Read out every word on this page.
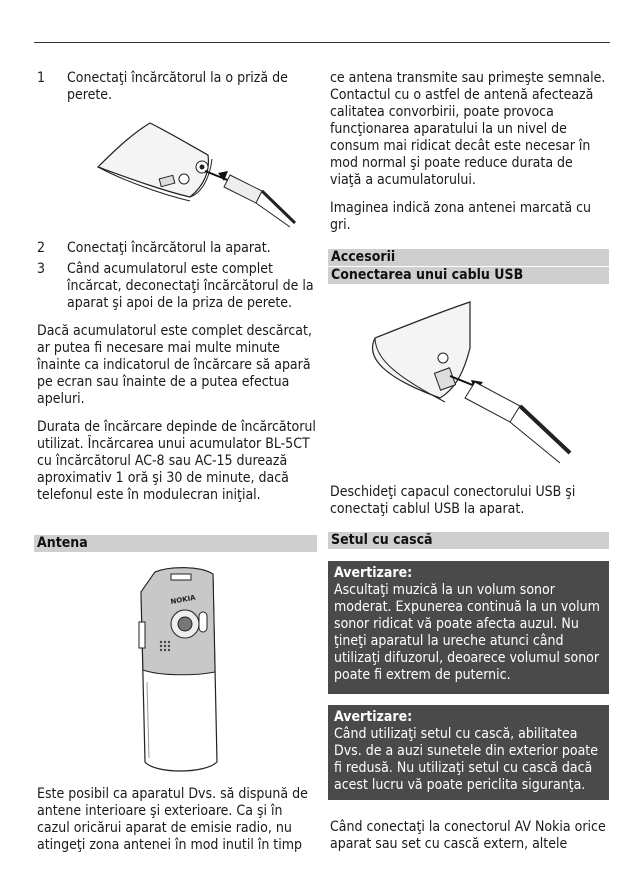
1 Conectaţi încărcătorul la o priză de perete.

2 Conectaţi încărcătorul la aparat.

3 Când acumulatorul este complet încărcat, deconectaţi încărcătorul de la aparat şi apoi de la priza de perete.

Dacă acumulatorul este complet descărcat, ar putea fi necesare mai multe minute înainte ca indicatorul de încărcare să apară pe ecran sau înainte de a putea efectua apeluri.

Durata de încărcare depinde de încărcătorul utilizat. Încărcarea unui acumulator BL-5CT cu încărcătorul AC-8 sau AC-15 durează aproximativ 1 oră şi 30 de minute, dacă telefonul este în modulecran iniţial.

Antena
NOKIA

Este posibil ca aparatul Dvs. să dispună de antene interioare şi exterioare. Ca şi în cazul oricărui aparat de emisie radio, nu atingeţi zona antenei în mod inutil în timp

ce antena transmite sau primeşte semnale. Contactul cu o astfel de antenă afectează calitatea convorbirii, poate provoca funcţionarea aparatului la un nivel de consum mai ridicat decât este necesar în mod normal şi poate reduce durata de viaţă a acumulatorului.

Imaginea indică zona antenei marcată cu gri.

Accesorii
Conectarea unui cablu USB

Deschideţi capacul conectorului USB şi conectaţi cablul USB la aparat.

Setul cu cască
Avertizare:
Ascultaţi muzică la un volum sonor moderat. Expunerea continuă la un volum sonor ridicat vă poate afecta auzul. Nu ţineţi aparatul la ureche atunci când utilizaţi difuzorul, deoarece volumul sonor poate fi extrem de puternic.
Avertizare:
Când utilizaţi setul cu cască, abilitatea Dvs. de a auzi sunetele din exterior poate fi redusă. Nu utilizaţi setul cu cască dacă acest lucru vă poate periclita siguranţa.

Când conectaţi la conectorul AV Nokia orice aparat sau set cu cască extern, altele
